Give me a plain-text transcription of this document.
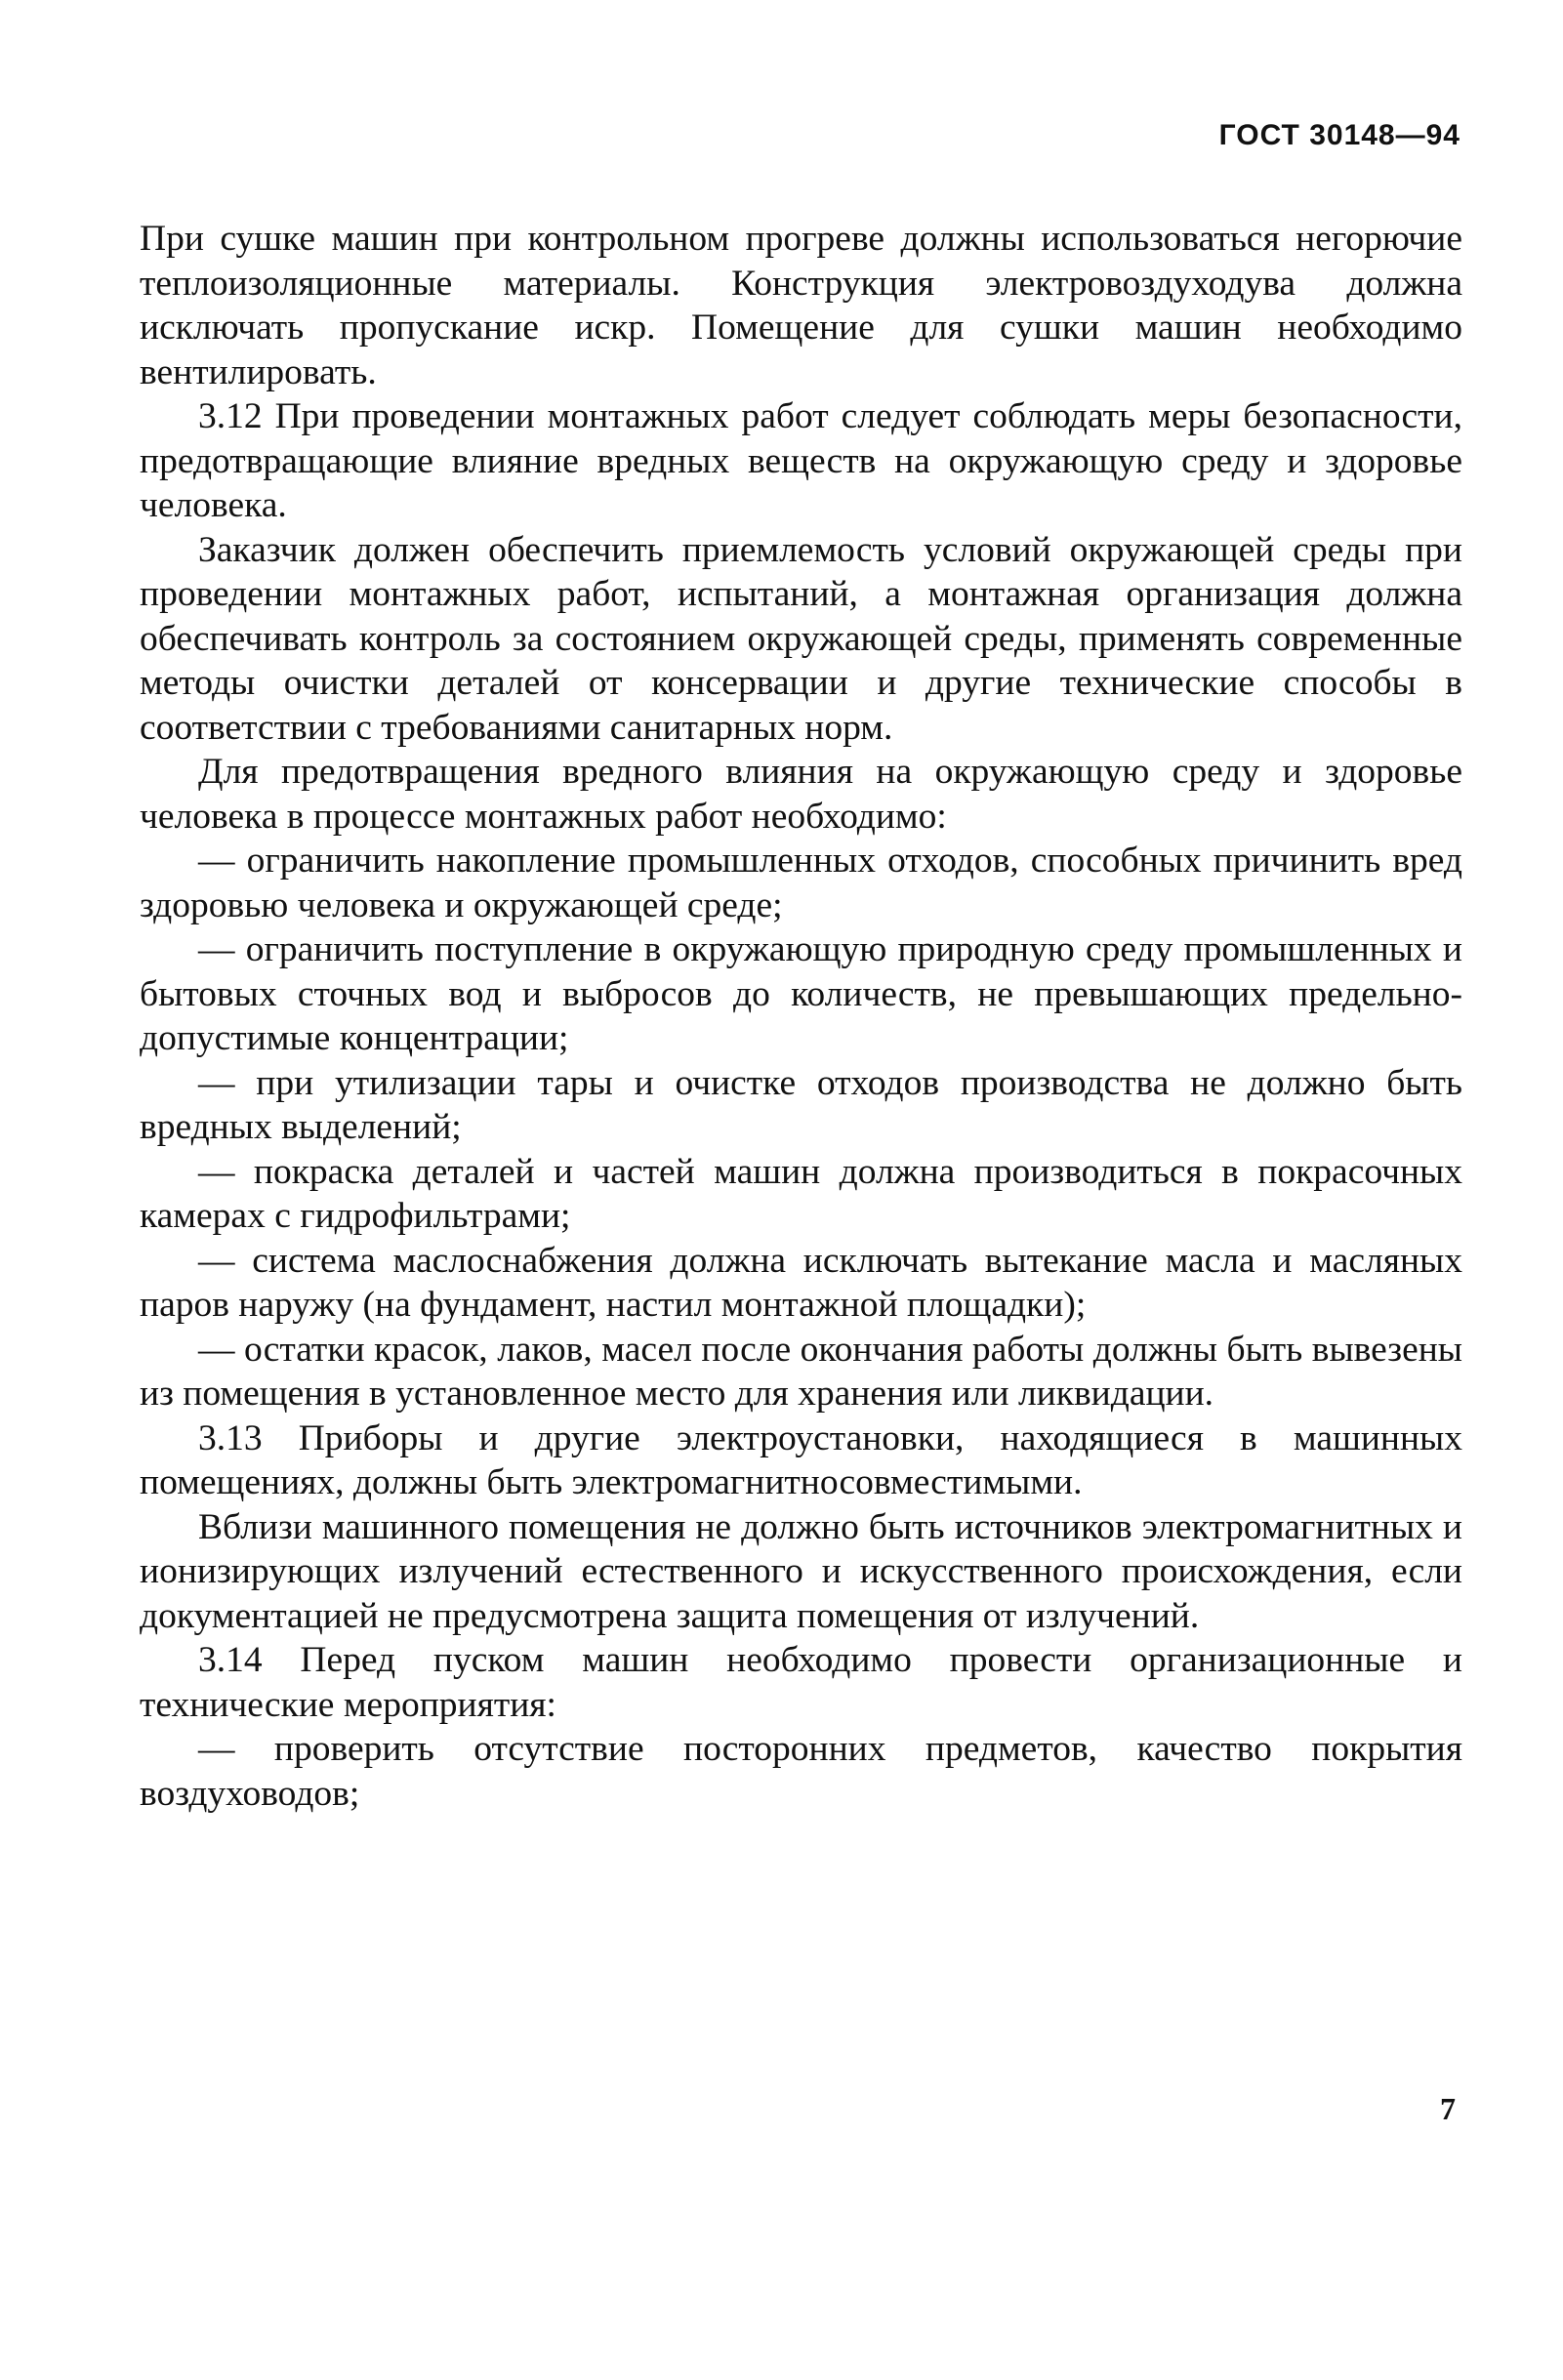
ГОСТ 30148—94

При сушке машин при контрольном прогреве должны использоваться негорючие теплоизоляционные материалы. Конструкция электровоздуходува должна исключать пропускание искр. Помещение для сушки машин необходимо вентилировать.

3.12 При проведении монтажных работ следует соблюдать меры безопасности, предотвращающие влияние вредных веществ на окружающую среду и здоровье человека.

Заказчик должен обеспечить приемлемость условий окружающей среды при проведении монтажных работ, испытаний, а монтажная организация должна обеспечивать контроль за состоянием окружающей среды, применять современные методы очистки деталей от консервации и другие технические способы в соответствии с требованиями санитарных норм.

Для предотвращения вредного влияния на окружающую среду и здоровье человека в процессе монтажных работ необходимо:

— ограничить накопление промышленных отходов, способных причинить вред здоровью человека и окружающей среде;

— ограничить поступление в окружающую природную среду промышленных и бытовых сточных вод и выбросов до количеств, не превышающих предельно-допустимые концентрации;

— при утилизации тары и очистке отходов производства не должно быть вредных выделений;

— покраска деталей и частей машин должна производиться в покрасочных камерах с гидрофильтрами;

— система маслоснабжения должна исключать вытекание масла и масляных паров наружу (на фундамент, настил монтажной площадки);

— остатки красок, лаков, масел после окончания работы должны быть вывезены из помещения в установленное место для хранения или ликвидации.

3.13 Приборы и другие электроустановки, находящиеся в машинных помещениях, должны быть электромагнитносовместимыми.

Вблизи машинного помещения не должно быть источников электромагнитных и ионизирующих излучений естественного и искусственного происхождения, если документацией не предусмотрена защита помещения от излучений.

3.14 Перед пуском машин необходимо провести организационные и технические мероприятия:

— проверить отсутствие посторонних предметов, качество покрытия воздуховодов;

7
